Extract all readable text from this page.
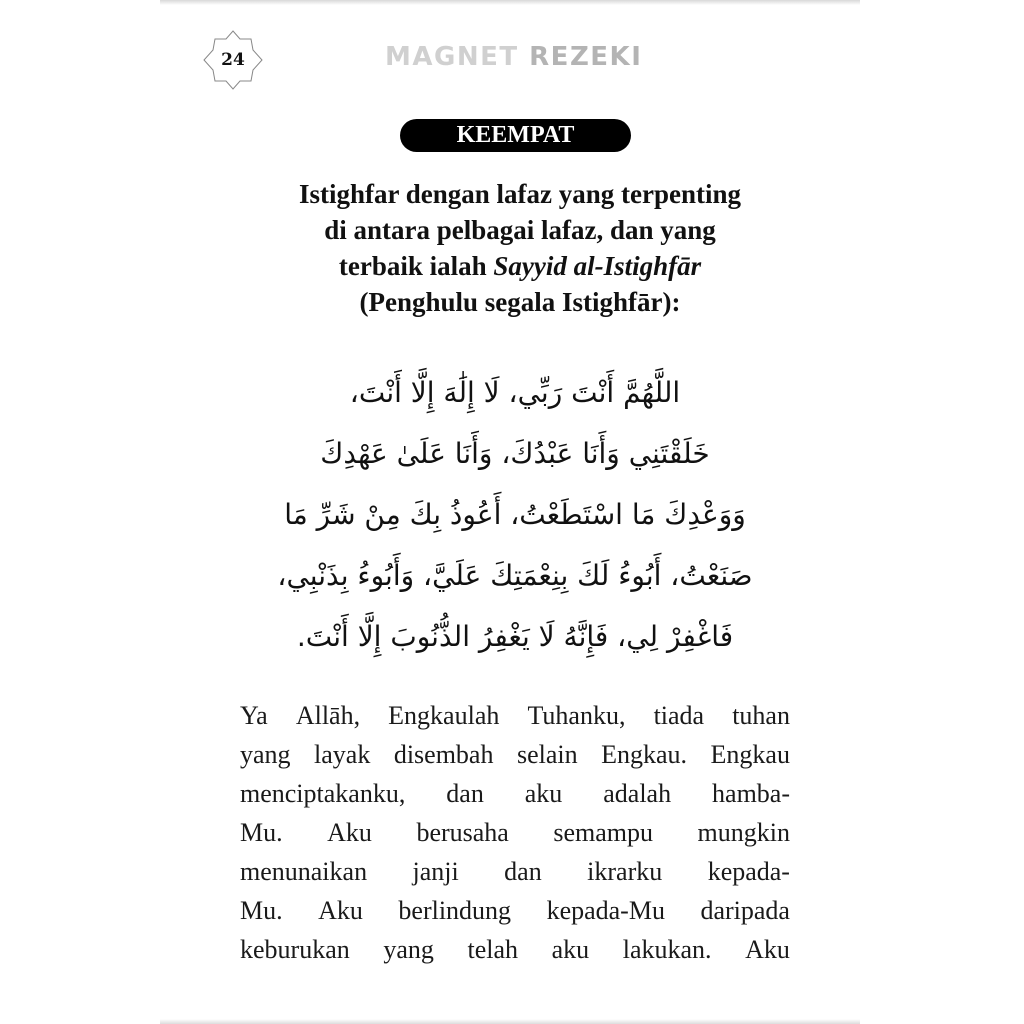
24	MAGNET REZEKI
KEEMPAT
Istighfar dengan lafaz yang terpenting
di antara pelbagai lafaz, dan yang
terbaik ialah Sayyid al-Istighfār
(Penghulu segala Istighfār):
اللَّهُمَّ أَنْتَ رَبِّي، لَا إِلَٰهَ إِلَّا أَنْتَ،
خَلَقْتَنِي وَأَنَا عَبْدُكَ، وَأَنَا عَلَىٰ عَهْدِكَ
وَوَعْدِكَ مَا اسْتَطَعْتُ، أَعُوذُ بِكَ مِنْ شَرِّ مَا
صَنَعْتُ، أَبُوءُ لَكَ بِنِعْمَتِكَ عَلَيَّ، وَأَبُوءُ بِذَنْبِي،
فَاغْفِرْ لِي، فَإِنَّهُ لَا يَغْفِرُ الذُّنُوبَ إِلَّا أَنْتَ.
Ya Allāh, Engkaulah Tuhanku, tiada tuhan
yang layak disembah selain Engkau. Engkau
menciptakanku, dan aku adalah hamba-
Mu. Aku berusaha semampu mungkin
menunaikan janji dan ikrarku kepada-
Mu. Aku berlindung kepada-Mu daripada
keburukan yang telah aku lakukan. Aku
